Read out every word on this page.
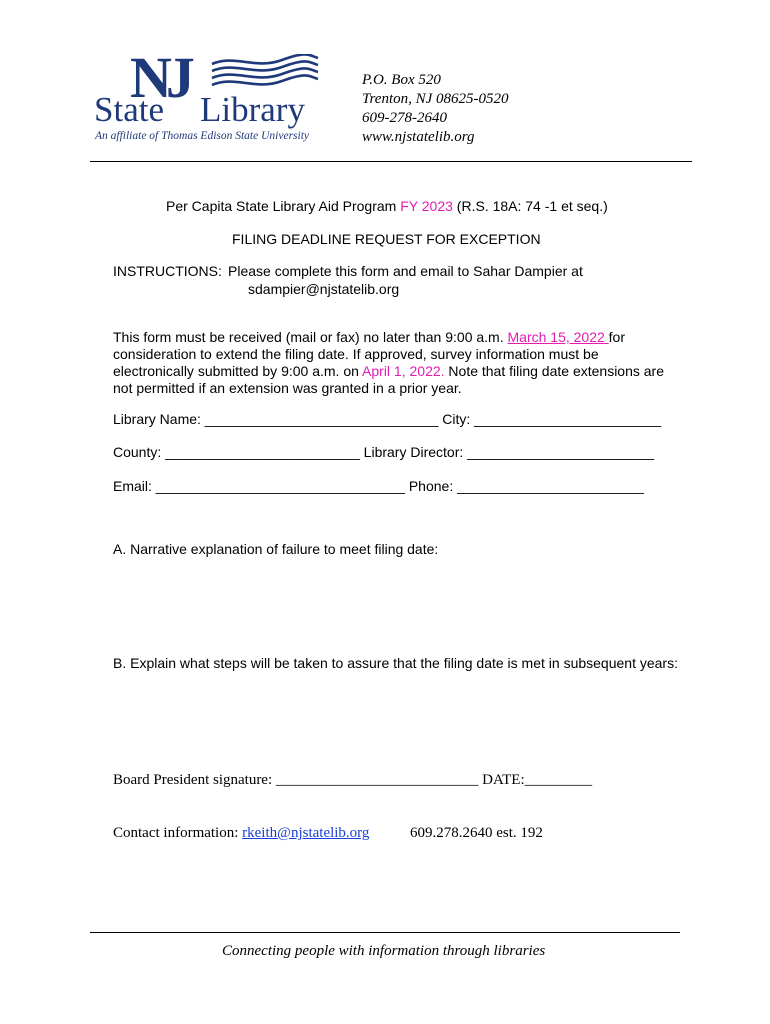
NJ
State Library
An affiliate of Thomas Edison State University
P.O. Box 520
Trenton, NJ 08625-0520
609-278-2640
www.njstatelib.org
Per Capita State Library Aid Program FY 2023 (R.S. 18A: 74 -1 et seq.)
FILING DEADLINE REQUEST FOR EXCEPTION
INSTRUCTIONS: Please complete this form and email to Sahar Dampier at
sdampier@njstatelib.org
This form must be received (mail or fax) no later than 9:00 a.m. March 15, 2022 for
consideration to extend the filing date. If approved, survey information must be
electronically submitted by 9:00 a.m. on April 1, 2022. Note that filing date extensions are
not permitted if an extension was granted in a prior year.
Library Name: ______________________________ City: ________________________
County: _________________________ Library Director: ________________________
Email: ________________________________ Phone: ________________________
A. Narrative explanation of failure to meet filing date:
B. Explain what steps will be taken to assure that the filing date is met in subsequent years:
Board President signature: ___________________________ DATE:_________
Contact information: rkeith@njstatelib.org	609.278.2640 est. 192
Connecting people with information through libraries
